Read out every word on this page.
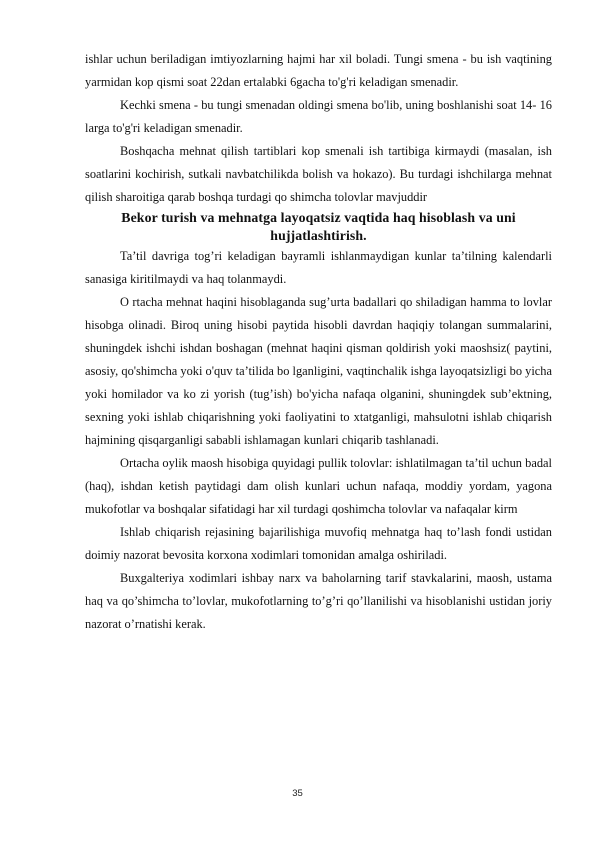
ishlar uchun beriladigan imtiyozlarning hajmi har xil boladi. Tungi smena - bu ish vaqtining yarmidan kop qismi soat 22dan ertalabki 6gacha to'g'ri keladigan smenadir.

Kechki smena - bu tungi smenadan oldingi smena bo'lib, uning boshlanishi soat 14- 16 larga to'g'ri keladigan smenadir.

Boshqacha mehnat qilish tartiblari kop smenali ish tartibiga kirmaydi (masalan, ish soatlarini kochirish, sutkali navbatchilikda bolish va hokazo). Bu turdagi ishchilarga mehnat qilish sharoitiga qarab boshqa turdagi qo shimcha tolovlar mavjuddir

Bekor turish va mehnatga layoqatsiz vaqtida haq hisoblash va uni
hujjatlashtirish.

Ta’til davriga tog’ri keladigan bayramli ishlanmaydigan kunlar ta’tilning kalendarli sanasiga kiritilmaydi va haq tolanmaydi.

O rtacha mehnat haqini hisoblaganda sug’urta badallari qo shiladigan hamma to lovlar hisobga olinadi. Biroq uning hisobi paytida hisobli davrdan haqiqiy tolangan summalarini, shuningdek ishchi ishdan boshagan (mehnat haqini qisman qoldirish yoki maoshsiz( paytini, asosiy, qo'shimcha yoki o'quv ta’tilida bo lganligini, vaqtinchalik ishga layoqatsizligi bo yicha yoki homilador va ko zi yorish (tug’ish) bo'yicha nafaqa olganini, shuningdek sub’ektning, sexning yoki ishlab chiqarishning yoki faoliyatini to xtatganligi, mahsulotni ishlab chiqarish hajmining qisqarganligi sababli ishlamagan kunlari chiqarib tashlanadi.

Ortacha oylik maosh hisobiga quyidagi pullik tolovlar: ishlatilmagan ta’til uchun badal (haq), ishdan ketish paytidagi dam olish kunlari uchun nafaqa, moddiy yordam, yagona mukofotlar va boshqalar sifatidagi har xil turdagi qoshimcha tolovlar va nafaqalar kirm

Ishlab chiqarish rejasining bajarilishiga muvofiq mehnatga haq to’lash fondi ustidan doimiy nazorat bevosita korxona xodimlari tomonidan amalga oshiriladi.

Buxgalteriya xodimlari ishbay narx va baholarning tarif stavkalarini, maosh, ustama haq va qo’shimcha to’lovlar, mukofotlarning to’g’ri qo’llanilishi va hisoblanishi ustidan joriy nazorat o’rnatishi kerak.

35
